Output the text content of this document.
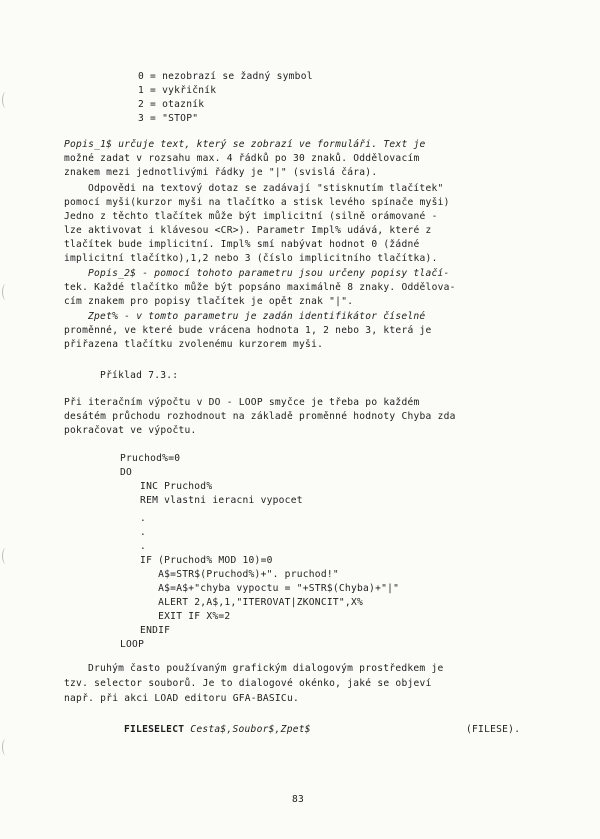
0 = nezobrazí se žadný symbol
1 = vykřičník
2 = otazník
3 = "STOP"
Popis_1$ určuje text, který se zobrazí ve formuláři. Text je
možné zadat v rozsahu max. 4 řádků po 30 znaků. Oddělovacím
znakem mezi jednotlivými řádky je "|" (svislá čára).
Odpovědi na textový dotaz se zadávají "stisknutím tlačítek"
pomocí myši(kurzor myši na tlačítko a stisk levého spínače myši)
Jedno z těchto tlačítek může být implicitní (silně orámované -
lze aktivovat i klávesou <CR>). Parametr Impl% udává, které z
tlačítek bude implicitní. Impl% smí nabývat hodnot 0 (žádné
implicitní tlačítko),1,2 nebo 3 (číslo implicitního tlačítka).
Popis_2$ - pomocí tohoto parametru jsou určeny popisy tlačí-
tek. Každé tlačítko může být popsáno maximálně 8 znaky. Oddělova-
cím znakem pro popisy tlačítek je opět znak "|".
Zpet% - v tomto parametru je zadán identifikátor číselné
proměnné, ve které bude vrácena hodnota 1, 2 nebo 3, která je
přiřazena tlačítku zvolenému kurzorem myši.
Příklad 7.3.:
Při iteračním výpočtu v DO - LOOP smyčce je třeba po každém
desátém průchodu rozhodnout na základě proměnné hodnoty Chyba zda
pokračovat ve výpočtu.
Pruchod%=0
DO
INC Pruchod%
REM vlastni ieracni vypocet
.
.
.
IF (Pruchod% MOD 10)=0
A$=STR$(Pruchod%)+". pruchod!"
A$=A$+"chyba vypoctu = "+STR$(Chyba)+"|"
ALERT 2,A$,1,"ITEROVAT|ZKONCIT",X%
EXIT IF X%=2
ENDIF
LOOP
Druhým často používaným grafickým dialogovým prostředkem je
tzv. selector souborů. Je to dialogové okénko, jaké se objeví
např. při akci LOAD editoru GFA-BASICu.
FILESELECT Cesta$,Soubor$,Zpet$	(FILESE).
83
